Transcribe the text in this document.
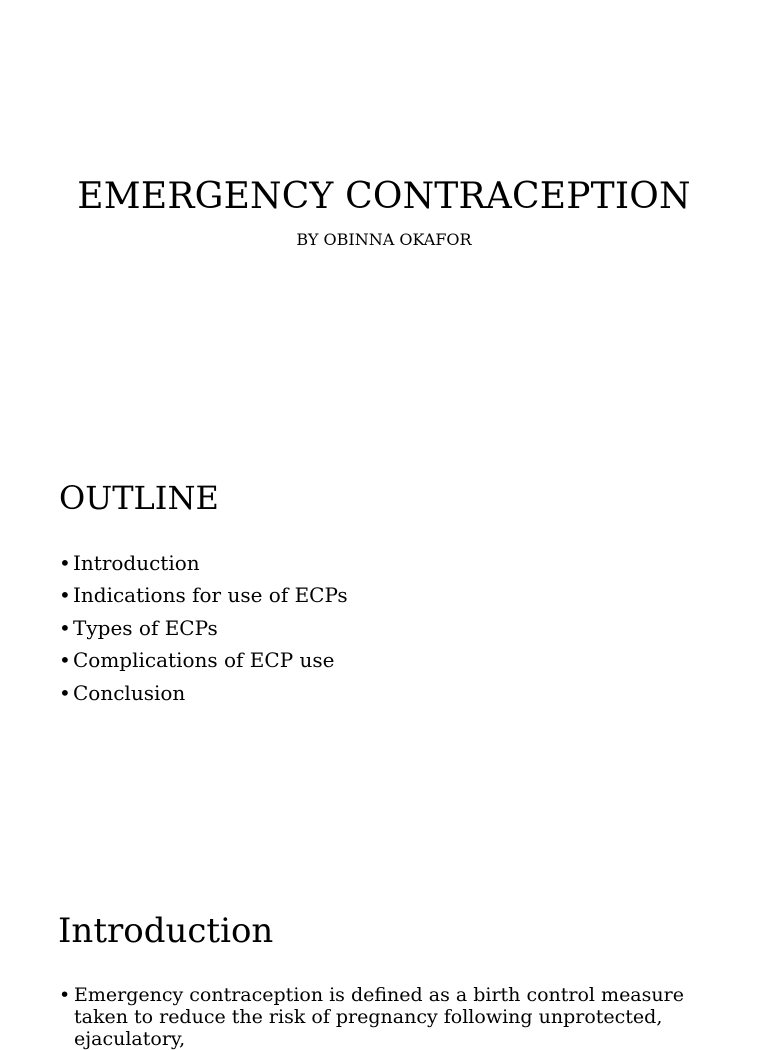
EMERGENCY CONTRACEPTION
BY OBINNA OKAFOR
OUTLINE
• Introduction
• Indications for use of ECPs
• Types of ECPs
• Complications of ECP use
• Conclusion
Introduction
• Emergency contraception is defined as a birth control measure taken to reduce the risk of pregnancy following unprotected, ejaculatory,
